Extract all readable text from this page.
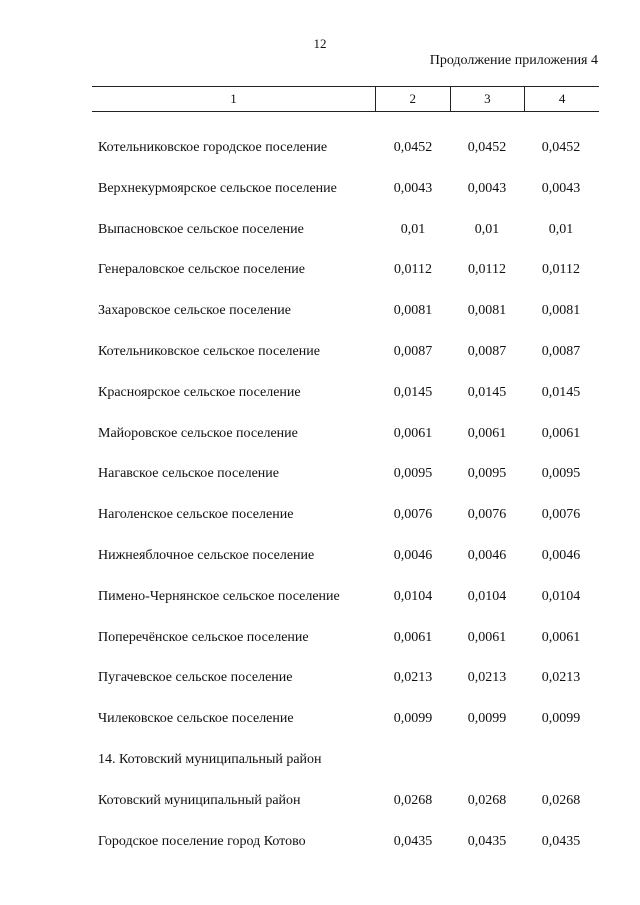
12
Продолжение приложения 4
1	2	3	4
Котельниковское городское поселение	0,0452	0,0452	0,0452
Верхнекурмоярское сельское поселение	0,0043	0,0043	0,0043
Выпасновское сельское поселение	0,01	0,01	0,01
Генераловское сельское поселение	0,0112	0,0112	0,0112
Захаровское сельское поселение	0,0081	0,0081	0,0081
Котельниковское сельское поселение	0,0087	0,0087	0,0087
Красноярское сельское поселение	0,0145	0,0145	0,0145
Майоровское сельское поселение	0,0061	0,0061	0,0061
Нагавское сельское поселение	0,0095	0,0095	0,0095
Наголенское сельское поселение	0,0076	0,0076	0,0076
Нижнеяблочное сельское поселение	0,0046	0,0046	0,0046
Пимено-Чернянское сельское поселение	0,0104	0,0104	0,0104
Поперечёнское сельское поселение	0,0061	0,0061	0,0061
Пугачевское сельское поселение	0,0213	0,0213	0,0213
Чилековское сельское поселение	0,0099	0,0099	0,0099
14. Котовский муниципальный район
Котовский муниципальный район	0,0268	0,0268	0,0268
Городское поселение город Котово	0,0435	0,0435	0,0435
